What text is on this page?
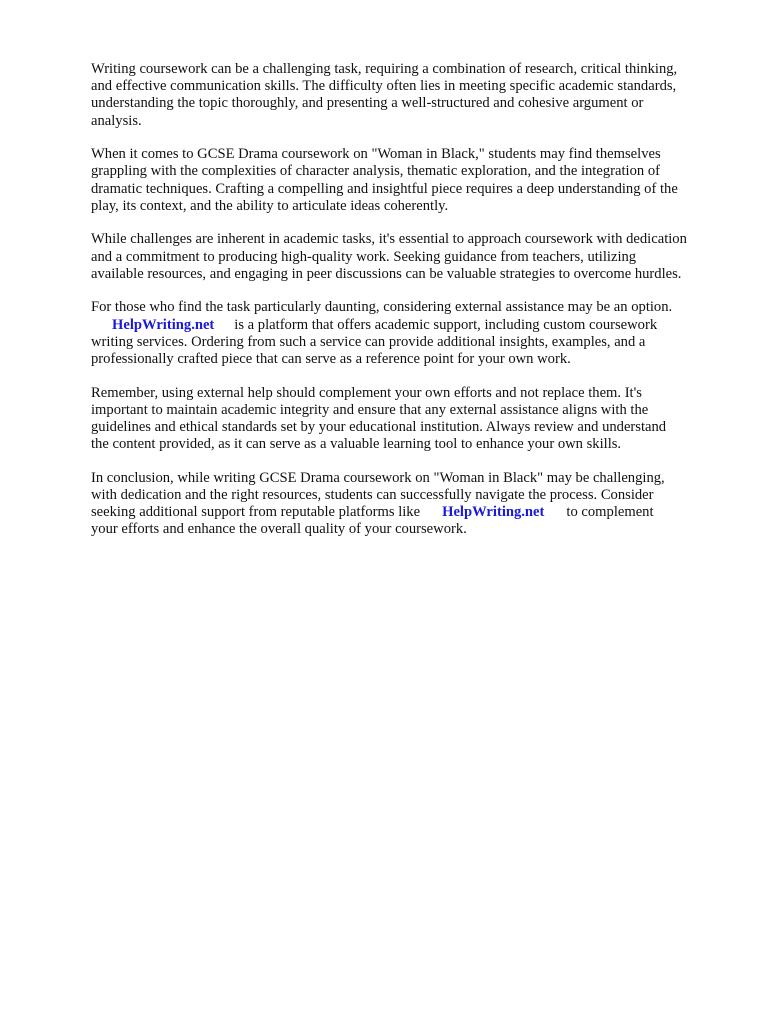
Writing coursework can be a challenging task, requiring a combination of research, critical thinking,
and effective communication skills. The difficulty often lies in meeting specific academic standards,
understanding the topic thoroughly, and presenting a well-structured and cohesive argument or
analysis.

When it comes to GCSE Drama coursework on "Woman in Black," students may find themselves
grappling with the complexities of character analysis, thematic exploration, and the integration of
dramatic techniques. Crafting a compelling and insightful piece requires a deep understanding of the
play, its context, and the ability to articulate ideas coherently.

While challenges are inherent in academic tasks, it's essential to approach coursework with dedication
and a commitment to producing high-quality work. Seeking guidance from teachers, utilizing
available resources, and engaging in peer discussions can be valuable strategies to overcome hurdles.

For those who find the task particularly daunting, considering external assistance may be an option.
HelpWriting.net is a platform that offers academic support, including custom coursework
writing services. Ordering from such a service can provide additional insights, examples, and a
professionally crafted piece that can serve as a reference point for your own work.

Remember, using external help should complement your own efforts and not replace them. It's
important to maintain academic integrity and ensure that any external assistance aligns with the
guidelines and ethical standards set by your educational institution. Always review and understand
the content provided, as it can serve as a valuable learning tool to enhance your own skills.

In conclusion, while writing GCSE Drama coursework on "Woman in Black" may be challenging,
with dedication and the right resources, students can successfully navigate the process. Consider
seeking additional support from reputable platforms like HelpWriting.net to complement
your efforts and enhance the overall quality of your coursework.
